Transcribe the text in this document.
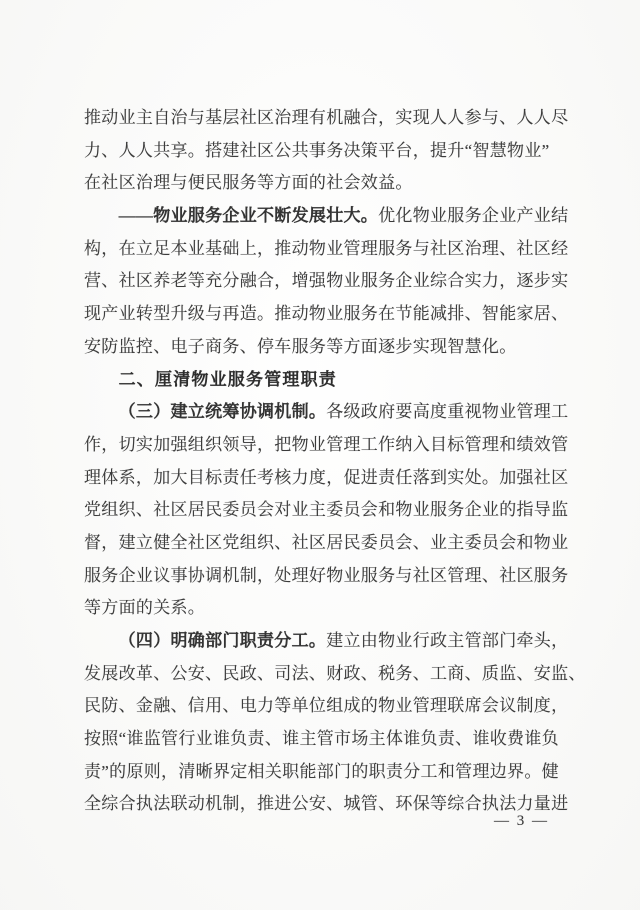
推动业主自治与基层社区治理有机融合，实现人人参与、人人尽
力、人人共享。搭建社区公共事务决策平台，提升“智慧物业”
在社区治理与便民服务等方面的社会效益。
——物业服务企业不断发展壮大。优化物业服务企业产业结
构，在立足本业基础上，推动物业管理服务与社区治理、社区经
营、社区养老等充分融合，增强物业服务企业综合实力，逐步实
现产业转型升级与再造。推动物业服务在节能减排、智能家居、
安防监控、电子商务、停车服务等方面逐步实现智慧化。
二、厘清物业服务管理职责
（三）建立统筹协调机制。各级政府要高度重视物业管理工
作，切实加强组织领导，把物业管理工作纳入目标管理和绩效管
理体系，加大目标责任考核力度，促进责任落到实处。加强社区
党组织、社区居民委员会对业主委员会和物业服务企业的指导监
督，建立健全社区党组织、社区居民委员会、业主委员会和物业
服务企业议事协调机制，处理好物业服务与社区管理、社区服务
等方面的关系。
（四）明确部门职责分工。建立由物业行政主管部门牵头，
发展改革、公安、民政、司法、财政、税务、工商、质监、安监、
民防、金融、信用、电力等单位组成的物业管理联席会议制度，
按照“谁监管行业谁负责、谁主管市场主体谁负责、谁收费谁负
责”的原则，清晰界定相关职能部门的职责分工和管理边界。健
全综合执法联动机制，推进公安、城管、环保等综合执法力量进
— 3 —
